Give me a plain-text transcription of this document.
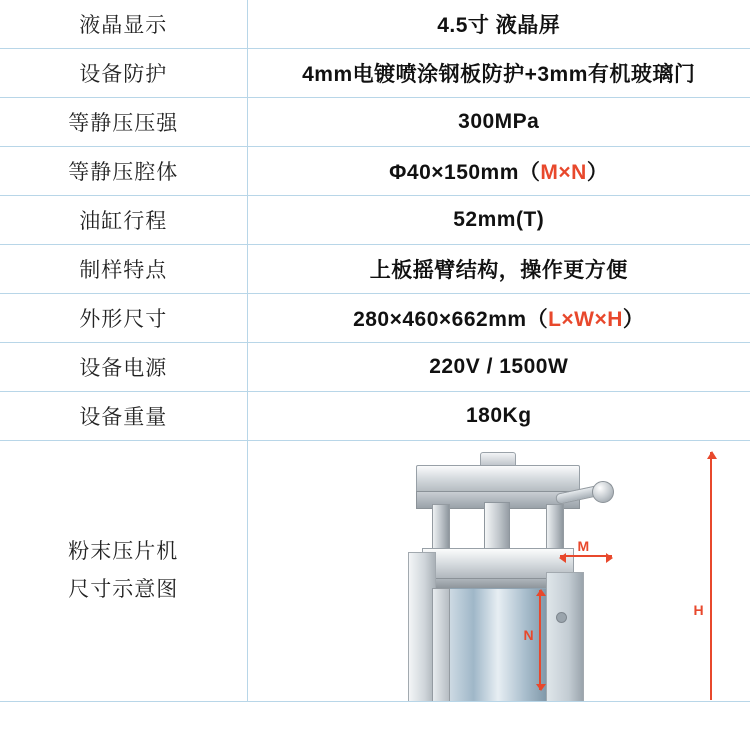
液晶显示	4.5寸 液晶屏
设备防护	4mm电镀喷涂钢板防护+3mm有机玻璃门
等静压压强	300MPa
等静压腔体	Φ40×150mm（M×N）
油缸行程	52mm(T)
制样特点	上板摇臂结构，操作更方便
外形尺寸	280×460×662mm（L×W×H）
设备电源	220V / 1500W
设备重量	180Kg

粉末压片机
尺寸示意图

M
N
H
